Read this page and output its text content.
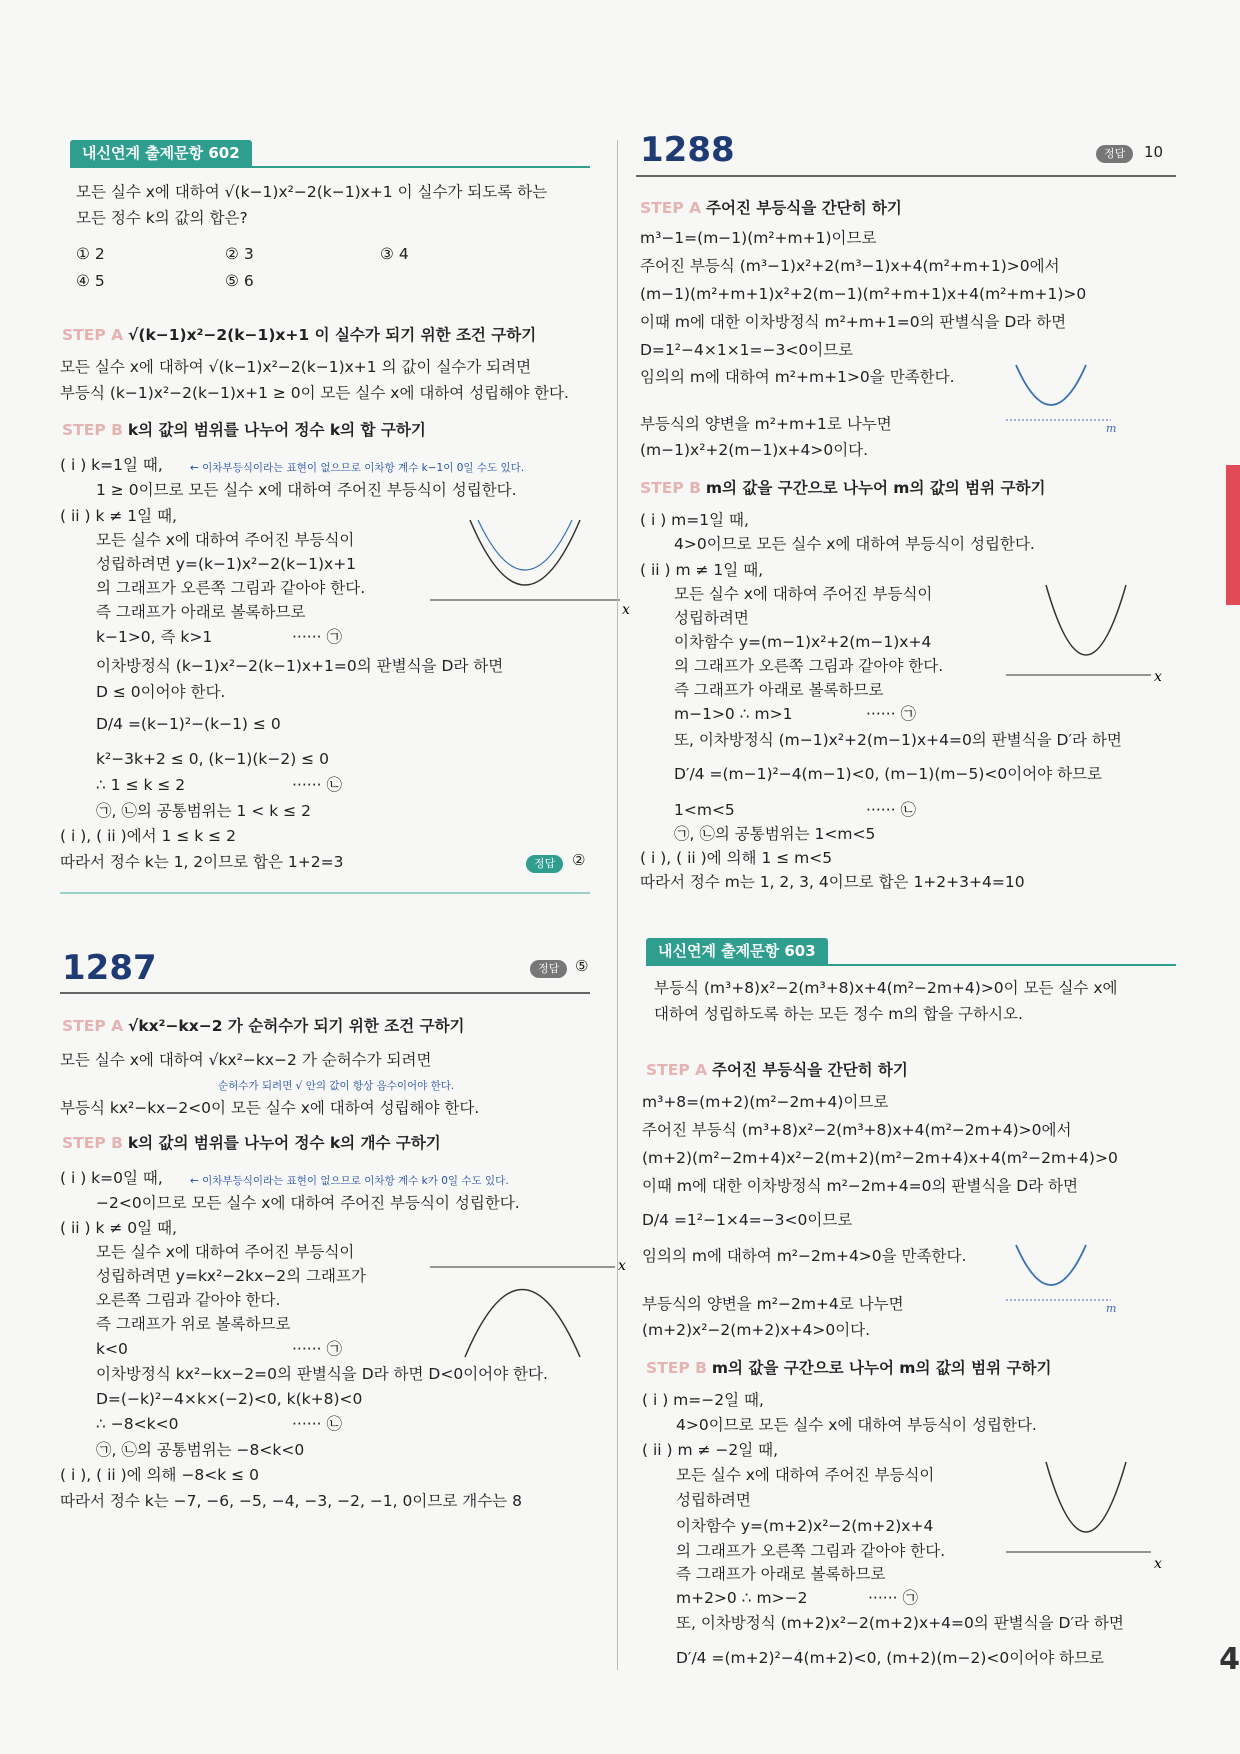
내신연계 출제문항 602
모든 실수 x에 대하여 √(k−1)x²−2(k−1)x+1 이 실수가 되도록 하는
모든 정수 k의 값의 합은?
① 2	② 3	③ 4
④ 5	⑤ 6
STEP A √(k−1)x²−2(k−1)x+1 이 실수가 되기 위한 조건 구하기
모든 실수 x에 대하여 √(k−1)x²−2(k−1)x+1 의 값이 실수가 되려면
부등식 (k−1)x²−2(k−1)x+1 ≥ 0이 모든 실수 x에 대하여 성립해야 한다.
STEP B k의 값의 범위를 나누어 정수 k의 합 구하기
( i ) k=1일 때,	← 이차부등식이라는 표현이 없으므로 이차항 계수 k−1이 0일 수도 있다.
1 ≥ 0이므로 모든 실수 x에 대하여 주어진 부등식이 성립한다.
( ii ) k ≠ 1일 때,
모든 실수 x에 대하여 주어진 부등식이
성립하려면 y=(k−1)x²−2(k−1)x+1
의 그래프가 오른쪽 그림과 같아야 한다.
즉 그래프가 아래로 볼록하므로
k−1>0, 즉 k>1	······ ㉠
이차방정식 (k−1)x²−2(k−1)x+1=0의 판별식을 D라 하면
D ≤ 0이어야 한다.
D/4 =(k−1)²−(k−1) ≤ 0
k²−3k+2 ≤ 0, (k−1)(k−2) ≤ 0
∴ 1 ≤ k ≤ 2	······ ㉡
㉠, ㉡의 공통범위는 1 < k ≤ 2
( i ), ( ii )에서 1 ≤ k ≤ 2
따라서 정수 k는 1, 2이므로 합은 1+2=3	정답	②
x
1287	정답	⑤
STEP A √kx²−kx−2 가 순허수가 되기 위한 조건 구하기
모든 실수 x에 대하여 √kx²−kx−2 가 순허수가 되려면
순허수가 되려면 √ 안의 값이 항상 음수이어야 한다.
부등식 kx²−kx−2<0이 모든 실수 x에 대하여 성립해야 한다.
STEP B k의 값의 범위를 나누어 정수 k의 개수 구하기
( i ) k=0일 때,	← 이차부등식이라는 표현이 없으므로 이차항 계수 k가 0일 수도 있다.
−2<0이므로 모든 실수 x에 대하여 주어진 부등식이 성립한다.
( ii ) k ≠ 0일 때,
모든 실수 x에 대하여 주어진 부등식이
성립하려면 y=kx²−2kx−2의 그래프가
오른쪽 그림과 같아야 한다.
즉 그래프가 위로 볼록하므로
k<0	······ ㉠
이차방정식 kx²−kx−2=0의 판별식을 D라 하면 D<0이어야 한다.
D=(−k)²−4×k×(−2)<0, k(k+8)<0
∴ −8<k<0	······ ㉡
㉠, ㉡의 공통범위는 −8<k<0
( i ), ( ii )에 의해 −8<k ≤ 0
따라서 정수 k는 −7, −6, −5, −4, −3, −2, −1, 0이므로 개수는 8
x
1288	정답	10
STEP A 주어진 부등식을 간단히 하기
m³−1=(m−1)(m²+m+1)이므로
주어진 부등식 (m³−1)x²+2(m³−1)x+4(m²+m+1)>0에서
(m−1)(m²+m+1)x²+2(m−1)(m²+m+1)x+4(m²+m+1)>0
이때 m에 대한 이차방정식 m²+m+1=0의 판별식을 D라 하면
D=1²−4×1×1=−3<0이므로
임의의 m에 대하여 m²+m+1>0을 만족한다.
부등식의 양변을 m²+m+1로 나누면
(m−1)x²+2(m−1)x+4>0이다.
m
STEP B m의 값을 구간으로 나누어 m의 값의 범위 구하기
( i ) m=1일 때,
4>0이므로 모든 실수 x에 대하여 부등식이 성립한다.
( ii ) m ≠ 1일 때,
모든 실수 x에 대하여 주어진 부등식이
성립하려면
이차함수 y=(m−1)x²+2(m−1)x+4
의 그래프가 오른쪽 그림과 같아야 한다.
즉 그래프가 아래로 볼록하므로
m−1>0 ∴ m>1	······ ㉠
또, 이차방정식 (m−1)x²+2(m−1)x+4=0의 판별식을 D′라 하면
D′/4 =(m−1)²−4(m−1)<0, (m−1)(m−5)<0이어야 하므로
1<m<5	······ ㉡
㉠, ㉡의 공통범위는 1<m<5
( i ), ( ii )에 의해 1 ≤ m<5
따라서 정수 m는 1, 2, 3, 4이므로 합은 1+2+3+4=10
x
내신연계 출제문항 603
부등식 (m³+8)x²−2(m³+8)x+4(m²−2m+4)>0이 모든 실수 x에
대하여 성립하도록 하는 모든 정수 m의 합을 구하시오.
STEP A 주어진 부등식을 간단히 하기
m³+8=(m+2)(m²−2m+4)이므로
주어진 부등식 (m³+8)x²−2(m³+8)x+4(m²−2m+4)>0에서
(m+2)(m²−2m+4)x²−2(m+2)(m²−2m+4)x+4(m²−2m+4)>0
이때 m에 대한 이차방정식 m²−2m+4=0의 판별식을 D라 하면
D/4 =1²−1×4=−3<0이므로
임의의 m에 대하여 m²−2m+4>0을 만족한다.
부등식의 양변을 m²−2m+4로 나누면
(m+2)x²−2(m+2)x+4>0이다.
m
STEP B m의 값을 구간으로 나누어 m의 값의 범위 구하기
( i ) m=−2일 때,
4>0이므로 모든 실수 x에 대하여 부등식이 성립한다.
( ii ) m ≠ −2일 때,
모든 실수 x에 대하여 주어진 부등식이
성립하려면
이차함수 y=(m+2)x²−2(m+2)x+4
의 그래프가 오른쪽 그림과 같아야 한다.
즉 그래프가 아래로 볼록하므로
m+2>0 ∴ m>−2	······ ㉠
또, 이차방정식 (m+2)x²−2(m+2)x+4=0의 판별식을 D′라 하면
D′/4 =(m+2)²−4(m+2)<0, (m+2)(m−2)<0이어야 하므로
x
4
